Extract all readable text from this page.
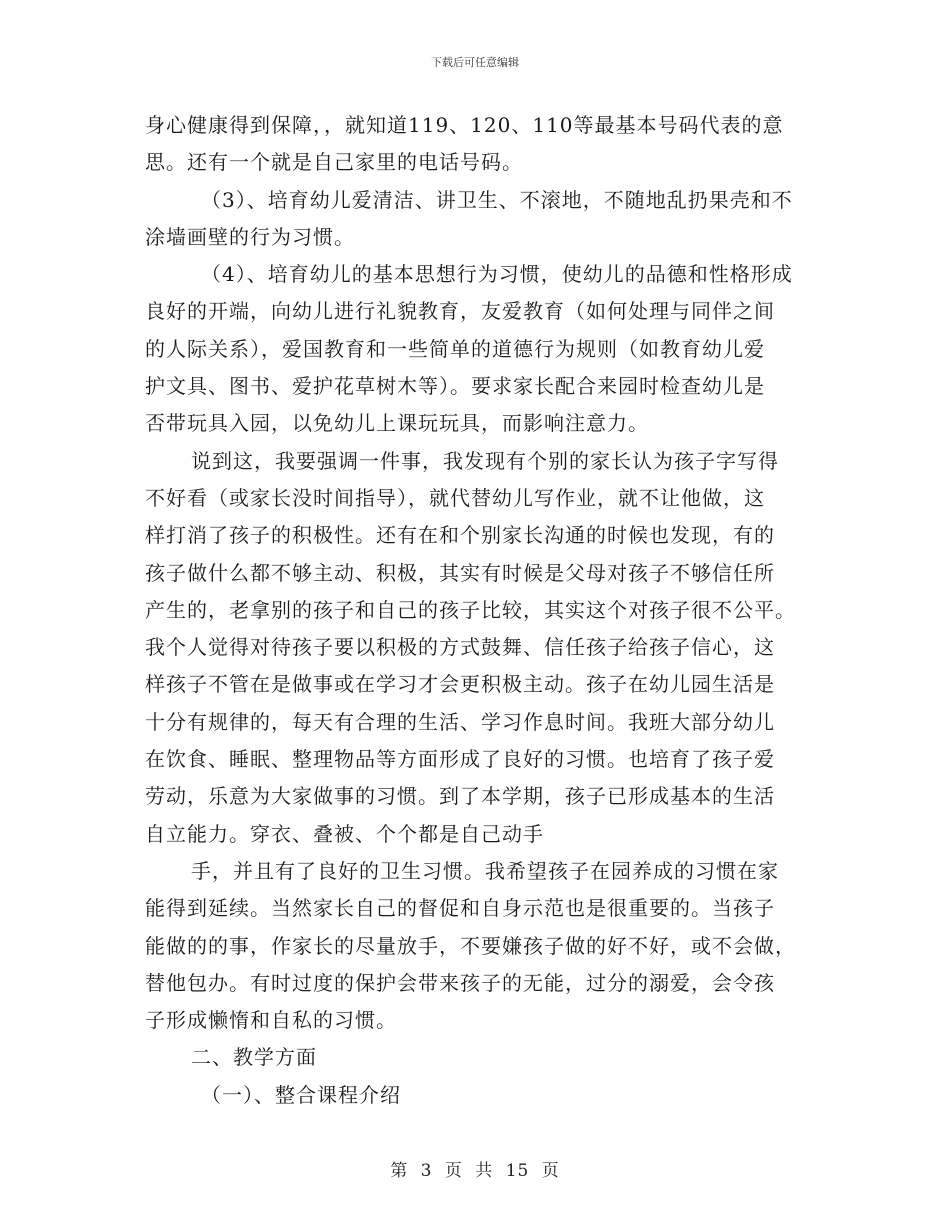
下载后可任意编辑
身心健康得到保障，，就知道119、120、110等最基本号码代表的意
思。还有一个就是自己家里的电话号码。
（3）、培育幼儿爱清洁、讲卫生、不滚地，不随地乱扔果壳和不
涂墙画壁的行为习惯。
（4）、培育幼儿的基本思想行为习惯，使幼儿的品德和性格形成
良好的开端，向幼儿进行礼貌教育，友爱教育（如何处理与同伴之间
的人际关系），爱国教育和一些简单的道德行为规则（如教育幼儿爱
护文具、图书、爱护花草树木等）。要求家长配合来园时检查幼儿是
否带玩具入园，以免幼儿上课玩玩具，而影响注意力。
说到这，我要强调一件事，我发现有个别的家长认为孩子字写得
不好看（或家长没时间指导），就代替幼儿写作业，就不让他做，这
样打消了孩子的积极性。还有在和个别家长沟通的时候也发现，有的
孩子做什么都不够主动、积极，其实有时候是父母对孩子不够信任所
产生的，老拿别的孩子和自己的孩子比较，其实这个对孩子很不公平。
我个人觉得对待孩子要以积极的方式鼓舞、信任孩子给孩子信心，这
样孩子不管在是做事或在学习才会更积极主动。孩子在幼儿园生活是
十分有规律的，每天有合理的生活、学习作息时间。我班大部分幼儿
在饮食、睡眠、整理物品等方面形成了良好的习惯。也培育了孩子爱
劳动，乐意为大家做事的习惯。到了本学期，孩子已形成基本的生活
自立能力。穿衣、叠被、个个都是自己动手
手，并且有了良好的卫生习惯。我希望孩子在园养成的习惯在家
能得到延续。当然家长自己的督促和自身示范也是很重要的。当孩子
能做的的事，作家长的尽量放手，不要嫌孩子做的好不好，或不会做，
替他包办。有时过度的保护会带来孩子的无能，过分的溺爱，会令孩
子形成懒惰和自私的习惯。
二、教学方面
（一）、整合课程介绍
第 3 页 共 15 页
